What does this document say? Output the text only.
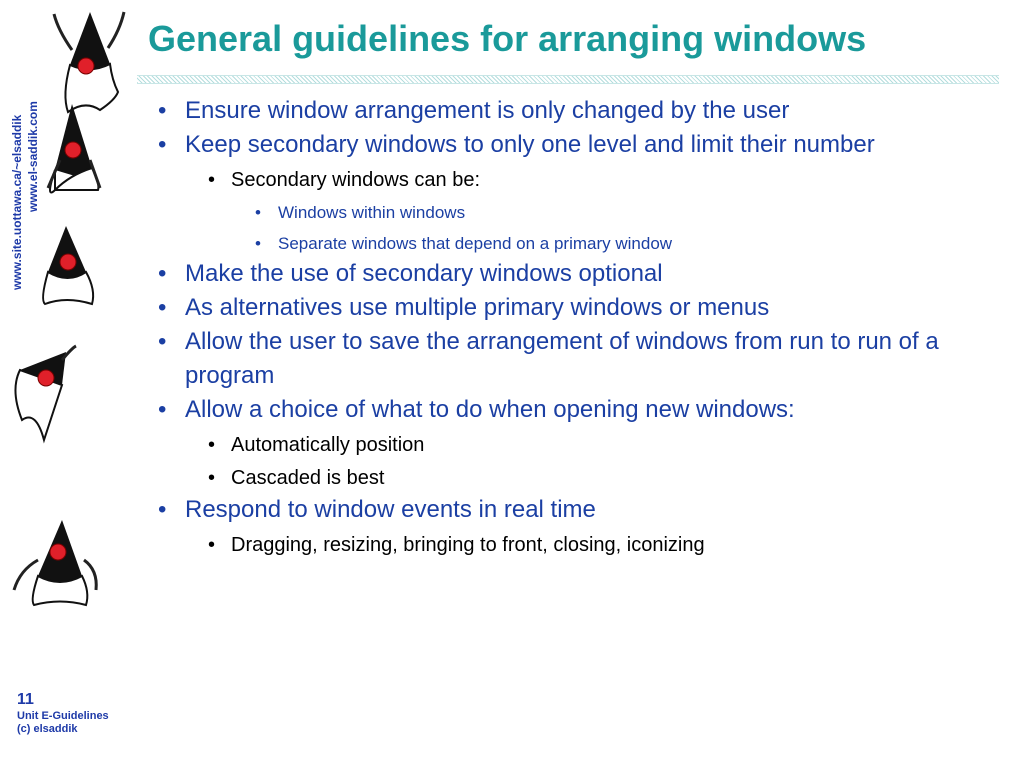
General guidelines for arranging windows
www.site.uottawa.ca/~elsaddik www.el-saddik.com	• Ensure window arrangement is only changed by the user
• Keep secondary windows to only one level and limit their number
• Secondary windows can be:
• Windows within windows
• Separate windows that depend on a primary window
• Make the use of secondary windows optional
• As alternatives use multiple primary windows or menus
• Allow the user to save the arrangement of windows from run to run of a program
• Allow a choice of what to do when opening new windows:
• Automatically position
• Cascaded is best
• Respond to window events in real time
• Dragging, resizing, bringing to front, closing, iconizing
11
Unit E-Guidelines
(c) elsaddik
